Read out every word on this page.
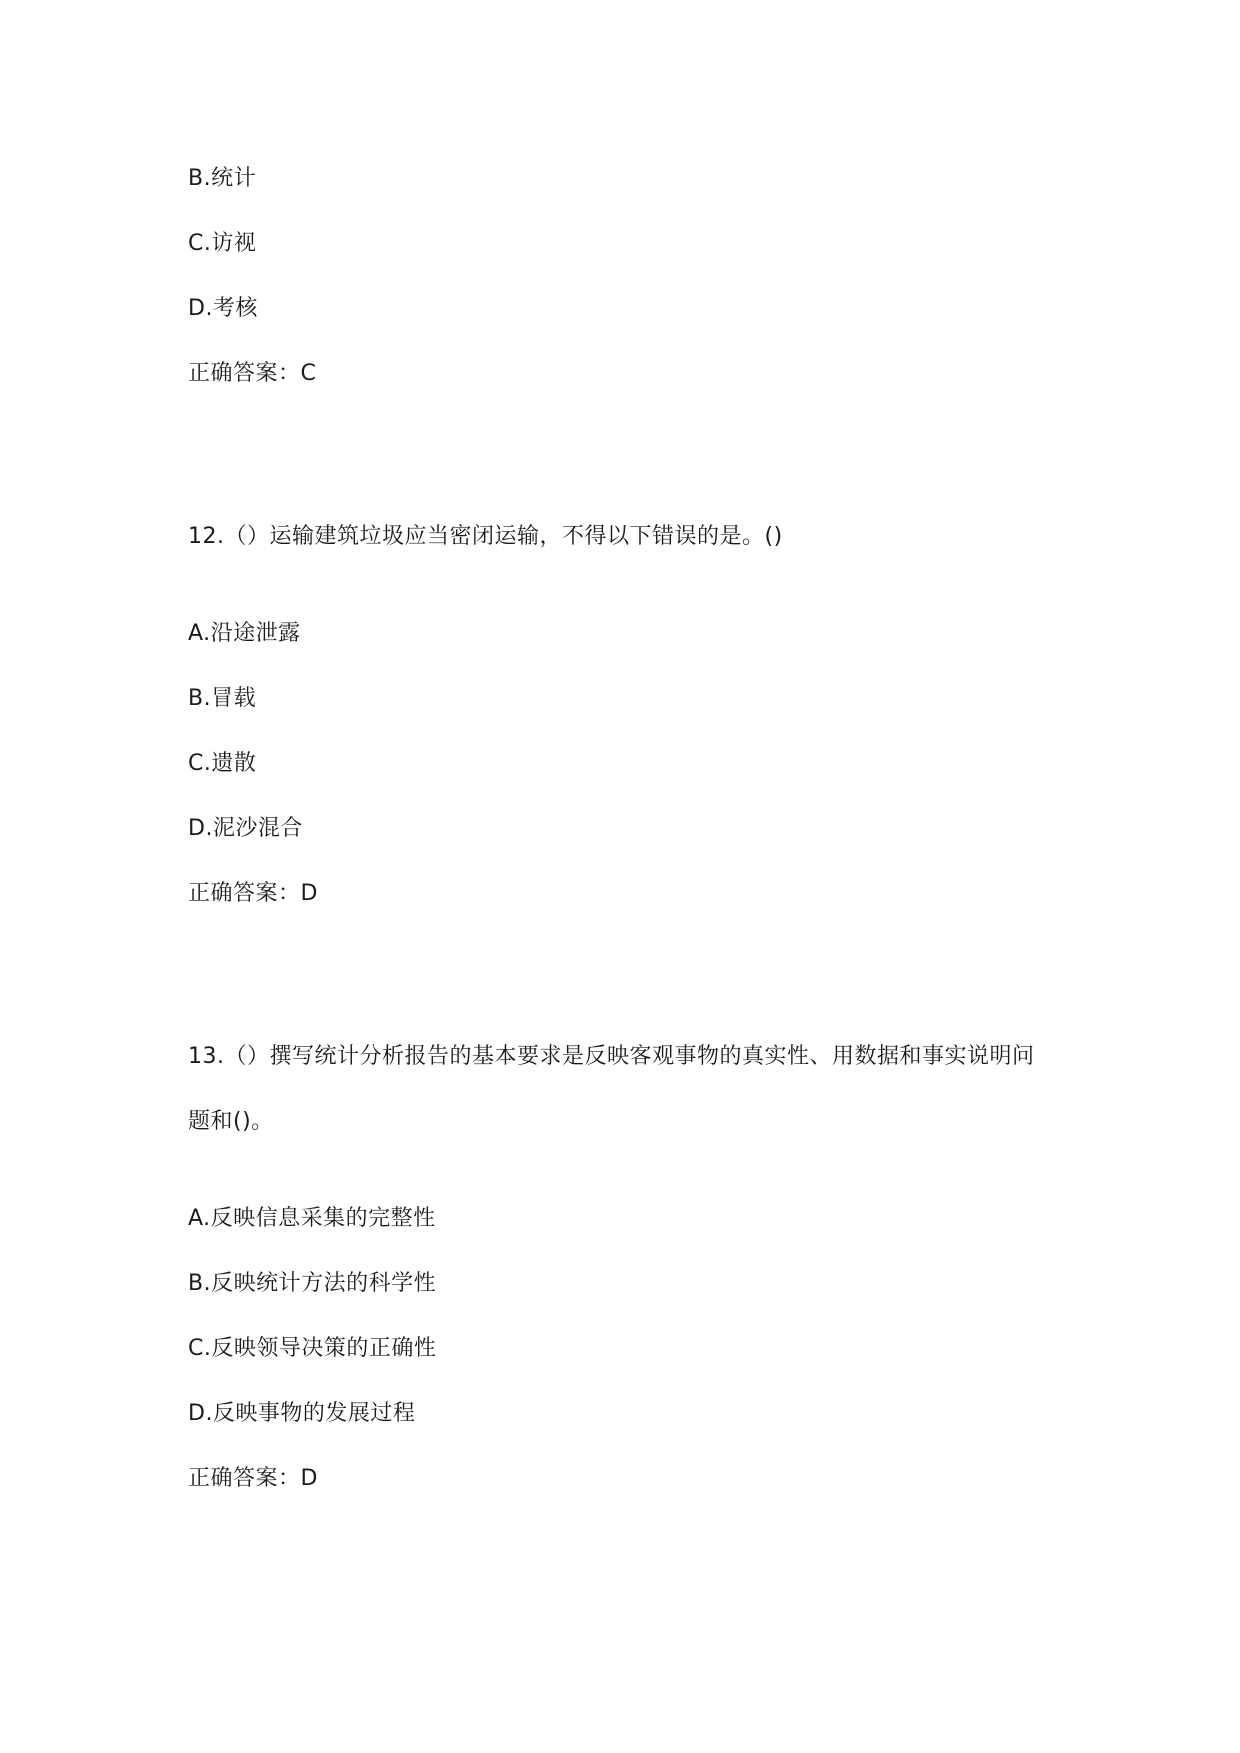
B.统计
C.访视
D.考核
正确答案：C
12.（）运输建筑垃圾应当密闭运输，不得以下错误的是。()
A.沿途泄露
B.冒载
C.遗散
D.泥沙混合
正确答案：D
13.（）撰写统计分析报告的基本要求是反映客观事物的真实性、用数据和事实说明问
题和()。
A.反映信息采集的完整性
B.反映统计方法的科学性
C.反映领导决策的正确性
D.反映事物的发展过程
正确答案：D
